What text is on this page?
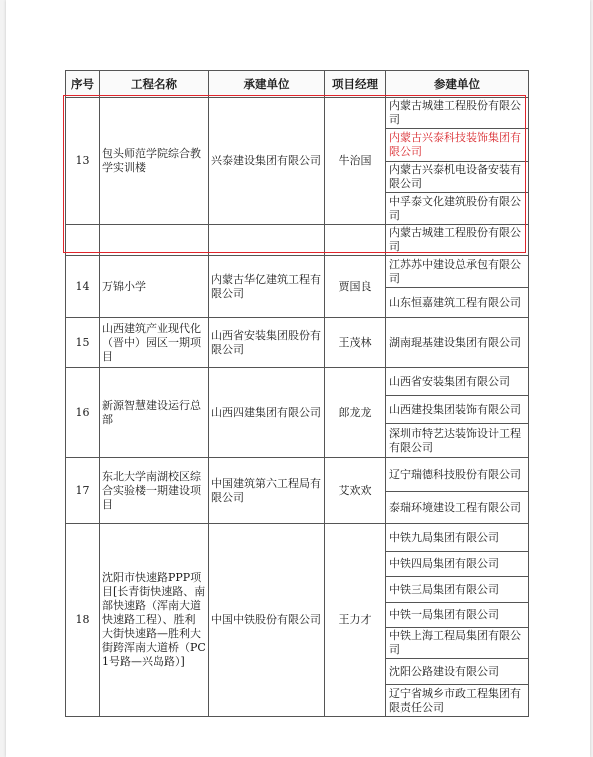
序号	工程名称	承建单位	项目经理	参建单位
13	包头师范学院综合教学实训楼	兴泰建设集团有限公司	牛治国	内蒙古城建工程股份有限公司
				内蒙古兴泰科技装饰集团有限公司
				内蒙古兴泰机电设备安装有限公司
				中孚泰文化建筑股份有限公司
				内蒙古城建工程股份有限公司
14	万锦小学	内蒙古华亿建筑工程有限公司	贾国良	江苏苏中建设总承包有限公司
				山东恒嘉建筑工程有限公司
15	山西建筑产业现代化（晋中）园区一期项目	山西省安装集团股份有限公司	王茂林	湖南琨基建设集团有限公司
16	新源智慧建设运行总部	山西四建集团有限公司	郎龙龙	山西省安装集团有限公司
				山西建投集团装饰有限公司
				深圳市特艺达装饰设计工程有限公司
17	东北大学南湖校区综合实验楼一期建设项目	中国建筑第六工程局有限公司	艾欢欢	辽宁瑞德科技股份有限公司
				泰瑞环境建设工程有限公司
18	沈阳市快速路PPP项目[长青街快速路、南部快速路（浑南大道快速路工程）、胜利大街快速路—胜利大街跨浑南大道桥（PC1号路—兴岛路）]	中国中铁股份有限公司	王力才	中铁九局集团有限公司
				中铁四局集团有限公司
				中铁三局集团有限公司
				中铁一局集团有限公司
				中铁上海工程局集团有限公司
				沈阳公路建设有限公司
				辽宁省城乡市政工程集团有限责任公司
